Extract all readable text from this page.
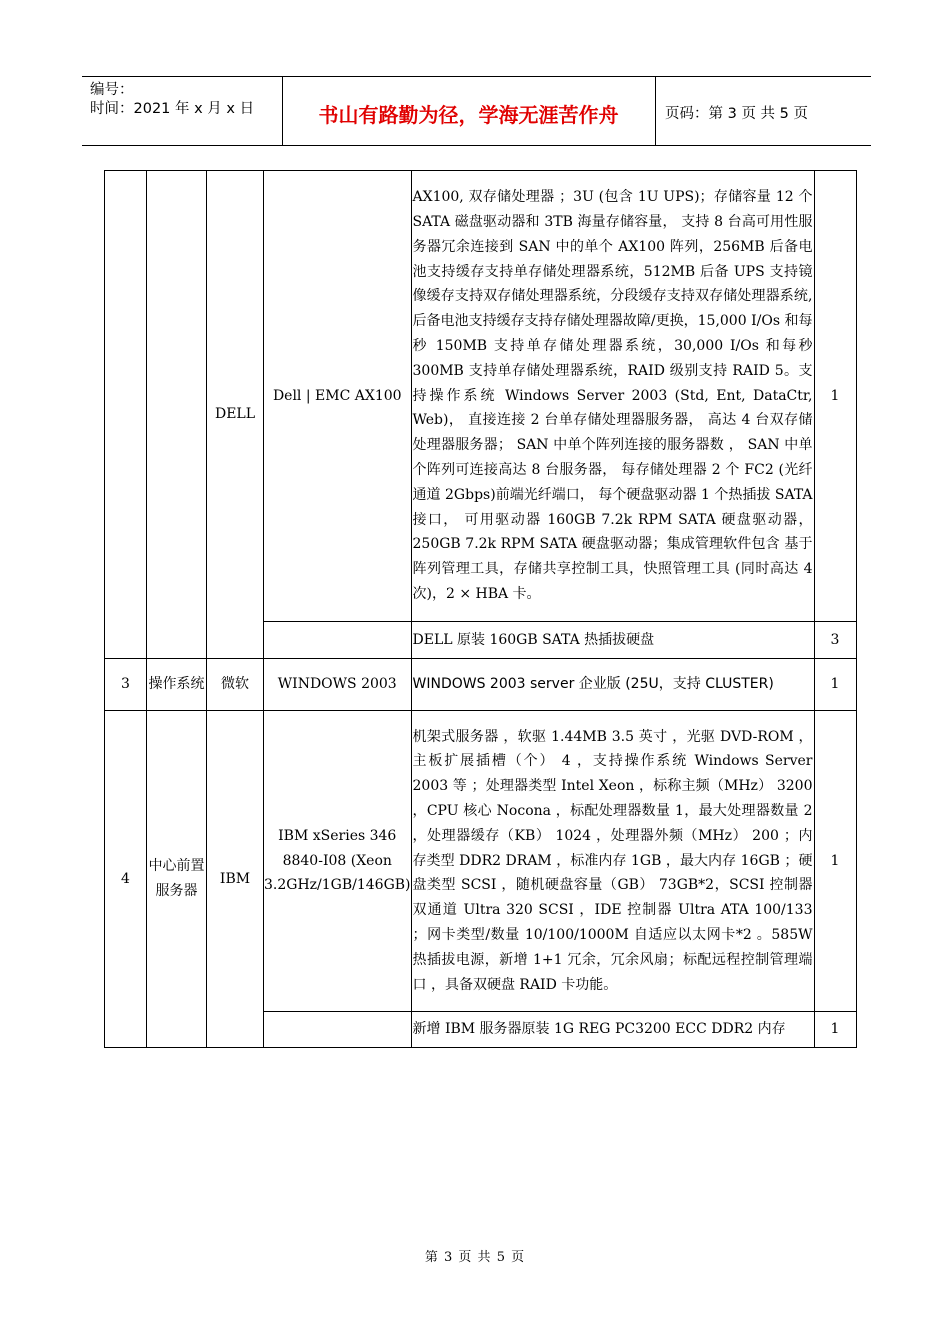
编号：
时间：2021 年 x 月 x 日	书山有路勤为径，学海无涯苦作舟	页码：第 3 页 共 5 页
		DELL	Dell | EMC AX100	AX100, 双存储处理器 ；3U (包含 1U UPS)；存储容量 12 个 SATA 磁盘驱动器和 3TB 海量存储容量， 支持 8 台高可用性服务器冗余连接到 SAN 中的单个 AX100 阵列，256MB 后备电池支持缓存支持单存储处理器系统，512MB 后备 UPS 支持镜像缓存支持双存储处理器系统，分段缓存支持双存储处理器系统,后备电池支持缓存支持存储处理器故障/更换，15,000 I/Os 和每秒 150MB 支持单存储处理器系统，30,000 I/Os 和每秒 300MB 支持单存储处理器系统，RAID 级别支持 RAID 5。支持操作系统 Windows Server 2003 (Std, Ent, DataCtr, Web)， 直接连接 2 台单存储处理器服务器， 高达 4 台双存储处理器服务器； SAN 中单个阵列连接的服务器数 ， SAN 中单个阵列可连接高达 8 台服务器， 每存储处理器 2 个 FC2 (光纤通道 2Gbps)前端光纤端口， 每个硬盘驱动器 1 个热插拔 SATA 接口， 可用驱动器 160GB 7.2k RPM SATA 硬盘驱动器， 250GB 7.2k RPM SATA 硬盘驱动器；集成管理软件包含 基于阵列管理工具，存储共享控制工具，快照管理工具 (同时高达 4 次)，2 × HBA 卡。	1
				DELL 原装 160GB SATA 热插拔硬盘	3
3	操作系统	微软	WINDOWS 2003	WINDOWS 2003 server 企业版 (25U，支持 CLUSTER)	1
4	中心前置服务器	IBM	IBM xSeries 346 8840-I08 (Xeon 3.2GHz/1GB/146GB)	机架式服务器 ，软驱 1.44MB 3.5 英寸 ，光驱 DVD-ROM ，主板扩展插槽（个） 4 ，支持操作系统 Windows Server 2003 等 ；处理器类型 Intel Xeon ，标称主频（MHz） 3200 ，CPU 核心 Nocona ，标配处理器数量 1，最大处理器数量 2 ，处理器缓存（KB） 1024 ，处理器外频（MHz） 200 ；内存类型 DDR2 DRAM ，标准内存 1GB ，最大内存 16GB ；硬盘类型 SCSI ，随机硬盘容量（GB） 73GB*2，SCSI 控制器 双通道 Ultra 320 SCSI ，IDE 控制器 Ultra ATA 100/133 ；网卡类型/数量 10/100/1000M 自适应以太网卡*2 。585W 热插拔电源，新增 1+1 冗余，冗余风扇；标配远程控制管理端口 ，具备双硬盘 RAID 卡功能。	1
				新增 IBM 服务器原装 1G REG PC3200 ECC DDR2 内存	1
第 3 页 共 5 页
